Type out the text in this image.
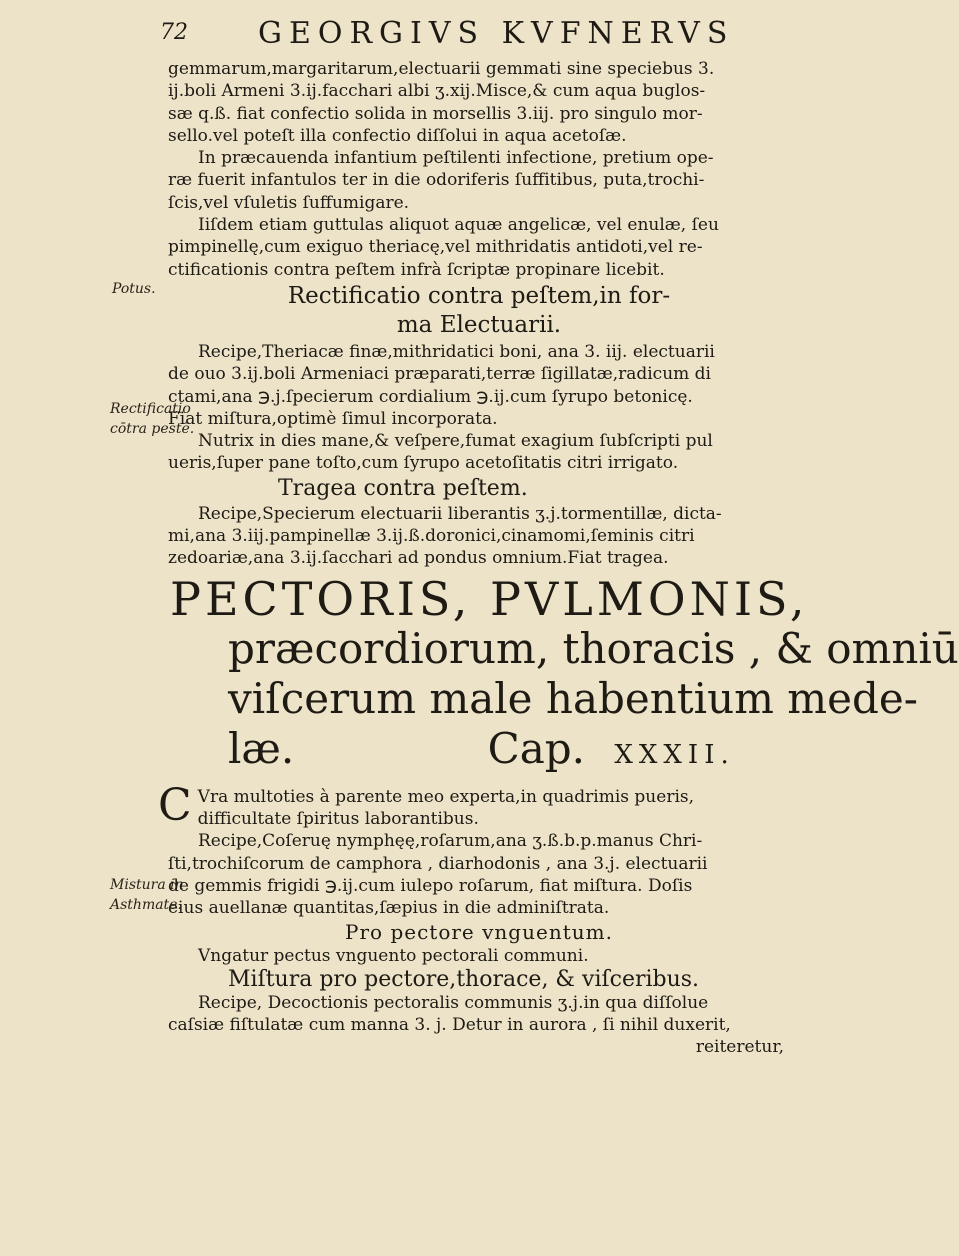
72 GEORGIVS KVFNERVS
Potus.
Rectificatio
cōtra pestē.
Mistura in
Asthmate.
gemmarum,margaritarum,electuarii gemmati sine speciebus 3.
ij.boli Armeni 3.ij.facchari albi ʒ.xij.Misce,& cum aqua buglos-
sæ q.ß. fiat confectio solida in morsellis 3.iij. pro singulo mor-
sello.vel poteſt illa confectio diſſolui in aqua acetoſæ.
In præcauenda infantium peſtilenti infectione, pretium ope-
ræ fuerit infantulos ter in die odoriferis ſuffitibus, puta,trochi-
ſcis,vel vſuletis ſuffumigare.
Iiſdem etiam guttulas aliquot aquæ angelicæ, vel enulæ, ſeu
pimpinellę,cum exiguo theriacę,vel mithridatis antidoti,vel re-
ctificationis contra peſtem infrà ſcriptæ propinare licebit.
Rectificatio contra peſtem,in for-
ma Electuarii.
Recipe,Theriacæ finæ,mithridatici boni, ana 3. iij. electuarii
de ouo 3.ij.boli Armeniaci præparati,terræ ſigillatæ,radicum di
ctami,ana ℈.j.ſpecierum cordialium ℈.ij.cum ſyrupo betonicę.
Fiat miſtura,optimè ſimul incorporata.
Nutrix in dies mane,& veſpere,fumat exagium ſubſcripti pul
ueris,ſuper pane toſto,cum ſyrupo acetoſitatis citri irrigato.
Tragea contra peſtem.
Recipe,Specierum electuarii liberantis ʒ.j.tormentillæ, dicta-
mi,ana 3.iij.pampinellæ 3.ij.ß.doronici,cinamomi,ſeminis citri
zedoariæ,ana 3.ij.ſacchari ad pondus omnium.Fiat tragea.
PECTORIS, PVLMONIS,
præcordiorum, thoracis , & omniū
viſcerum male habentium mede-
læ.	Cap. XXXII.
C Vra multoties à parente meo experta,in quadrimis pueris,
difficultate ſpiritus laborantibus.
Recipe,Coſeruę nymphęę,roſarum,ana ʒ.ß.b.p.manus Chri-
ſti,trochiſcorum de camphora , diarhodonis , ana 3.j. electuarii
de gemmis frigidi ℈.ij.cum iulepo roſarum, fiat miſtura. Doſis
eius auellanæ quantitas,ſæpius in die adminiſtrata.
Pro pectore vnguentum.
Vngatur pectus vnguento pectorali communi.
Miſtura pro pectore,thorace, & viſceribus.
Recipe, Decoctionis pectoralis communis ʒ.j.in qua diſſolue
caſsiæ fiſtulatæ cum manna 3. j. Detur in aurora , ſi nihil duxerit,
reiteretur,
